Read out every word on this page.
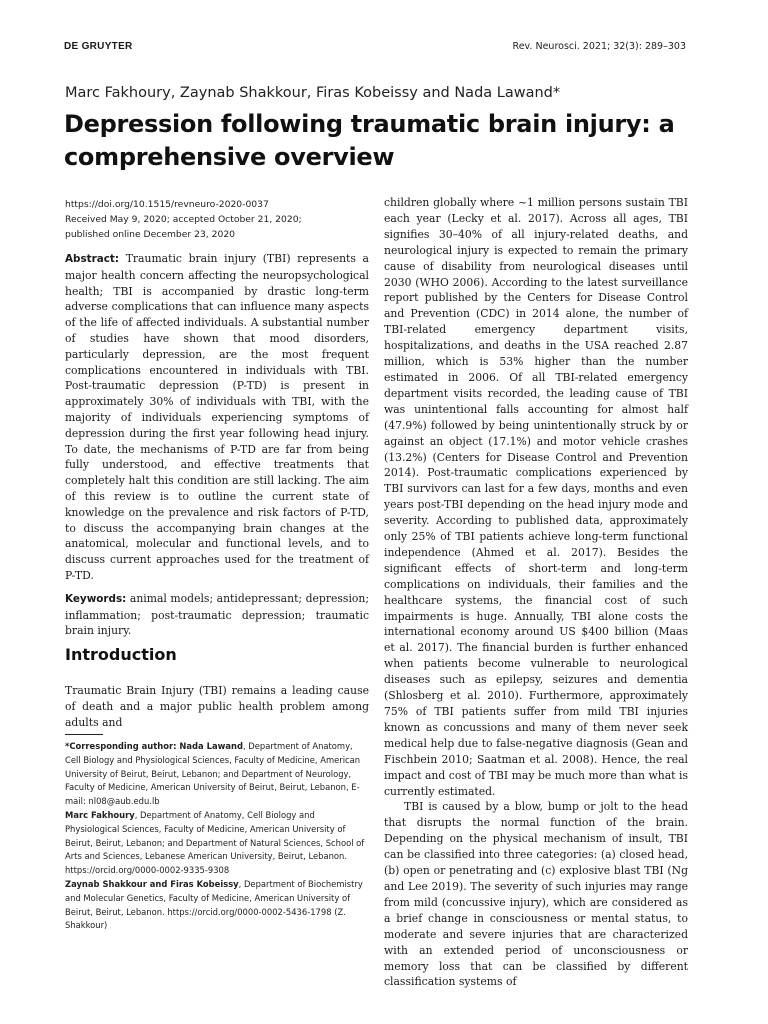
DE GRUYTER	Rev. Neurosci. 2021; 32(3): 289–303
Marc Fakhoury, Zaynab Shakkour, Firas Kobeissy and Nada Lawand*
Depression following traumatic brain injury: a comprehensive overview
https://doi.org/10.1515/revneuro-2020-0037
Received May 9, 2020; accepted October 21, 2020;
published online December 23, 2020

Abstract: Traumatic brain injury (TBI) represents a major health concern affecting the neuropsychological health; TBI is accompanied by drastic long-term adverse complications that can influence many aspects of the life of affected individuals. A substantial number of studies have shown that mood disorders, particularly depression, are the most frequent complications encountered in individuals with TBI. Post-traumatic depression (P-TD) is present in approximately 30% of individuals with TBI, with the majority of individuals experiencing symptoms of depression during the first year following head injury. To date, the mechanisms of P-TD are far from being fully understood, and effective treatments that completely halt this condition are still lacking. The aim of this review is to outline the current state of knowledge on the prevalence and risk factors of P-TD, to discuss the accompanying brain changes at the anatomical, molecular and functional levels, and to discuss current approaches used for the treatment of P-TD.

Keywords: animal models; antidepressant; depression; inflammation; post-traumatic depression; traumatic brain injury.

Introduction

Traumatic Brain Injury (TBI) remains a leading cause of death and a major public health problem among adults and

*Corresponding author: Nada Lawand, Department of Anatomy, Cell Biology and Physiological Sciences, Faculty of Medicine, American University of Beirut, Beirut, Lebanon; and Department of Neurology, Faculty of Medicine, American University of Beirut, Beirut, Lebanon, E-mail: nl08@aub.edu.lb

Marc Fakhoury, Department of Anatomy, Cell Biology and Physiological Sciences, Faculty of Medicine, American University of Beirut, Beirut, Lebanon; and Department of Natural Sciences, School of Arts and Sciences, Lebanese American University, Beirut, Lebanon. https://orcid.org/0000-0002-9335-9308

Zaynab Shakkour and Firas Kobeissy, Department of Biochemistry and Molecular Genetics, Faculty of Medicine, American University of Beirut, Beirut, Lebanon. https://orcid.org/0000-0002-5436-1798 (Z. Shakkour)

children globally where ~1 million persons sustain TBI each year (Lecky et al. 2017). Across all ages, TBI signifies 30–40% of all injury-related deaths, and neurological injury is expected to remain the primary cause of disability from neurological diseases until 2030 (WHO 2006). According to the latest surveillance report published by the Centers for Disease Control and Prevention (CDC) in 2014 alone, the number of TBI-related emergency department visits, hospitalizations, and deaths in the USA reached 2.87 million, which is 53% higher than the number estimated in 2006. Of all TBI-related emergency department visits recorded, the leading cause of TBI was unintentional falls accounting for almost half (47.9%) followed by being unintentionally struck by or against an object (17.1%) and motor vehicle crashes (13.2%) (Centers for Disease Control and Prevention 2014). Post-traumatic complications experienced by TBI survivors can last for a few days, months and even years post-TBI depending on the head injury mode and severity. According to published data, approximately only 25% of TBI patients achieve long-term functional independence (Ahmed et al. 2017). Besides the significant effects of short-term and long-term complications on individuals, their families and the healthcare systems, the financial cost of such impairments is huge. Annually, TBI alone costs the international economy around US $400 billion (Maas et al. 2017). The financial burden is further enhanced when patients become vulnerable to neurological diseases such as epilepsy, seizures and dementia (Shlosberg et al. 2010). Furthermore, approximately 75% of TBI patients suffer from mild TBI injuries known as concussions and many of them never seek medical help due to false-negative diagnosis (Gean and Fischbein 2010; Saatman et al. 2008). Hence, the real impact and cost of TBI may be much more than what is currently estimated.

TBI is caused by a blow, bump or jolt to the head that disrupts the normal function of the brain. Depending on the physical mechanism of insult, TBI can be classified into three categories: (a) closed head, (b) open or penetrating and (c) explosive blast TBI (Ng and Lee 2019). The severity of such injuries may range from mild (concussive injury), which are considered as a brief change in consciousness or mental status, to moderate and severe injuries that are characterized with an extended period of unconsciousness or memory loss that can be classified by different classification systems of
